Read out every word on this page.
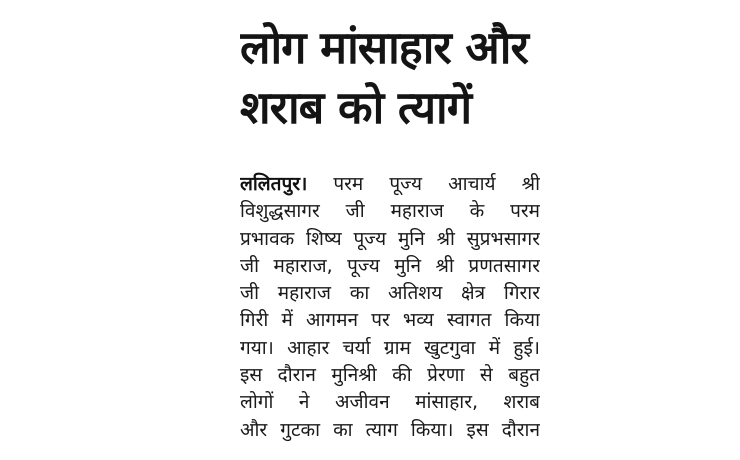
लोग मांसाहार और
शराब को त्यागें
ललितपुर। परम पूज्य आचार्य श्री
विशुद्धसागर जी महाराज के परम
प्रभावक शिष्य पूज्य मुनि श्री सुप्रभसागर
जी महाराज, पूज्य मुनि श्री प्रणतसागर
जी महाराज का अतिशय क्षेत्र गिरार
गिरी में आगमन पर भव्य स्वागत किया
गया। आहार चर्या ग्राम खुटगुवा में हुई।
इस दौरान मुनिश्री की प्रेरणा से बहुत
लोगों ने अजीवन मांसाहार, शराब
और गुटका का त्याग किया। इस दौरान
